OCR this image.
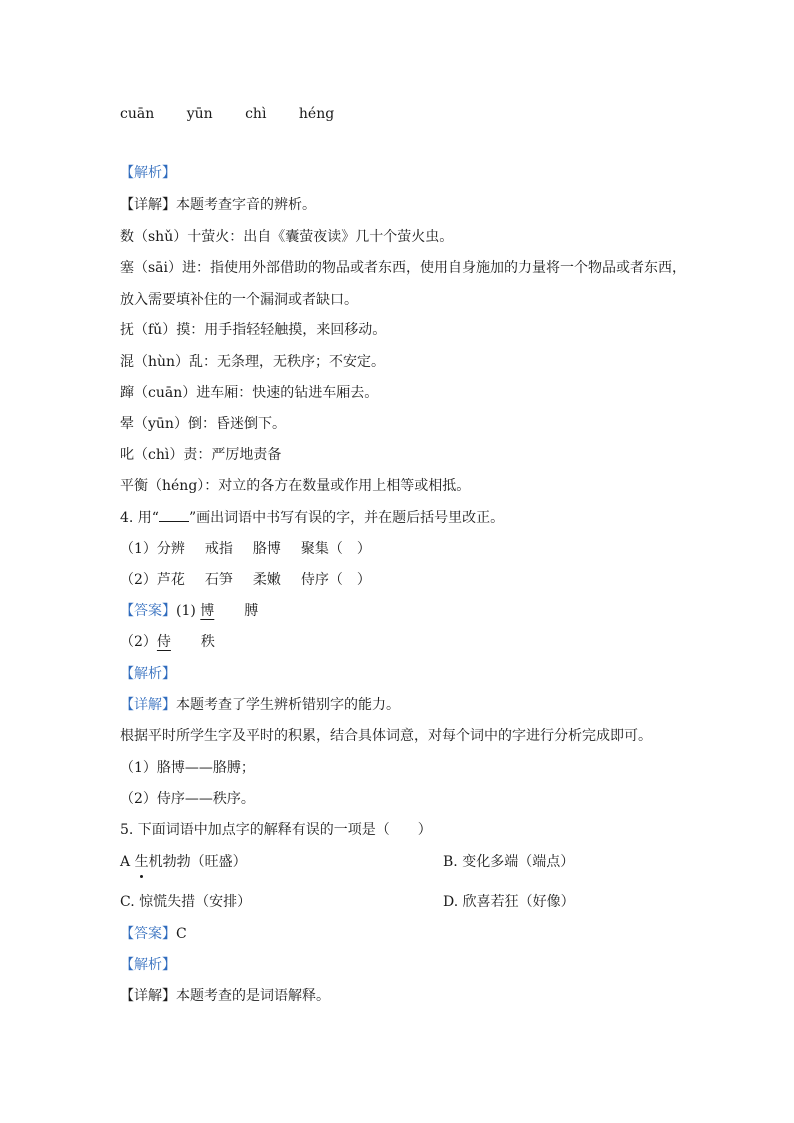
cuān yūn chì héng
【解析】
【详解】本题考查字音的辨析。
数（shǔ）十萤火：出自《囊萤夜读》几十个萤火虫。
塞（sāi）进：指使用外部借助的物品或者东西，使用自身施加的力量将一个物品或者东西，
放入需要填补住的一个漏洞或者缺口。
抚（fǔ）摸：用手指轻轻触摸，来回移动。
混（hùn）乱：无条理，无秩序；不安定。
蹿（cuān）进车厢：快速的钻进车厢去。
晕（yūn）倒：昏迷倒下。
叱（chì）责：严厉地责备
平衡（héng）：对立的各方在数量或作用上相等或相抵。
4. 用“ ”画出词语中书写有误的字，并在题后括号里改正。
（1）分辨 戒指 胳博 聚集（　）
（2）芦花 石笋 柔嫩 侍序（　）
【答案】(1) 博 膊
（2）侍 秩
【解析】
【详解】本题考查了学生辨析错别字的能力。
根据平时所学生字及平时的积累，结合具体词意，对每个词中的字进行分析完成即可。
（1）胳博——胳膊；
（2）侍序——秩序。
5. 下面词语中加点字的解释有误的一项是（　　）
A 生机勃勃（旺盛）	B. 变化多端（端点）
C. 惊慌失措（安排）	D. 欣喜若狂（好像）
【答案】C
【解析】
【详解】本题考查的是词语解释。
